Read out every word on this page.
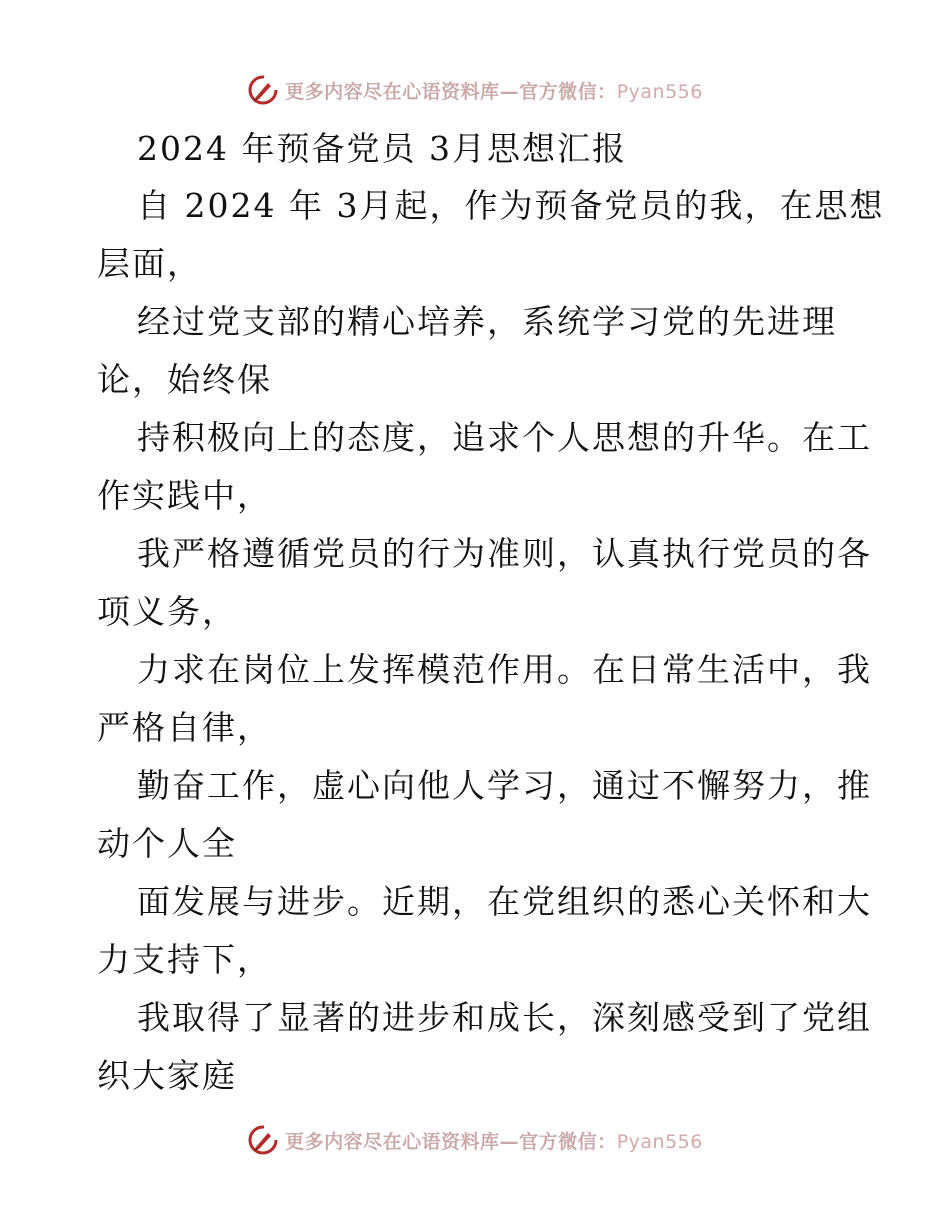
更多内容尽在心语资料库—官方微信：Pyan556
2024 年预备党员 3月思想汇报
自 2024 年 3月起，作为预备党员的我，在思想
层面，
经过党支部的精心培养，系统学习党的先进理
论，始终保
持积极向上的态度，追求个人思想的升华。在工
作实践中，
我严格遵循党员的行为准则，认真执行党员的各
项义务，
力求在岗位上发挥模范作用。在日常生活中，我
严格自律，
勤奋工作，虚心向他人学习，通过不懈努力，推
动个人全
面发展与进步。近期，在党组织的悉心关怀和大
力支持下，
我取得了显著的进步和成长，深刻感受到了党组
织大家庭
更多内容尽在心语资料库—官方微信：Pyan556
